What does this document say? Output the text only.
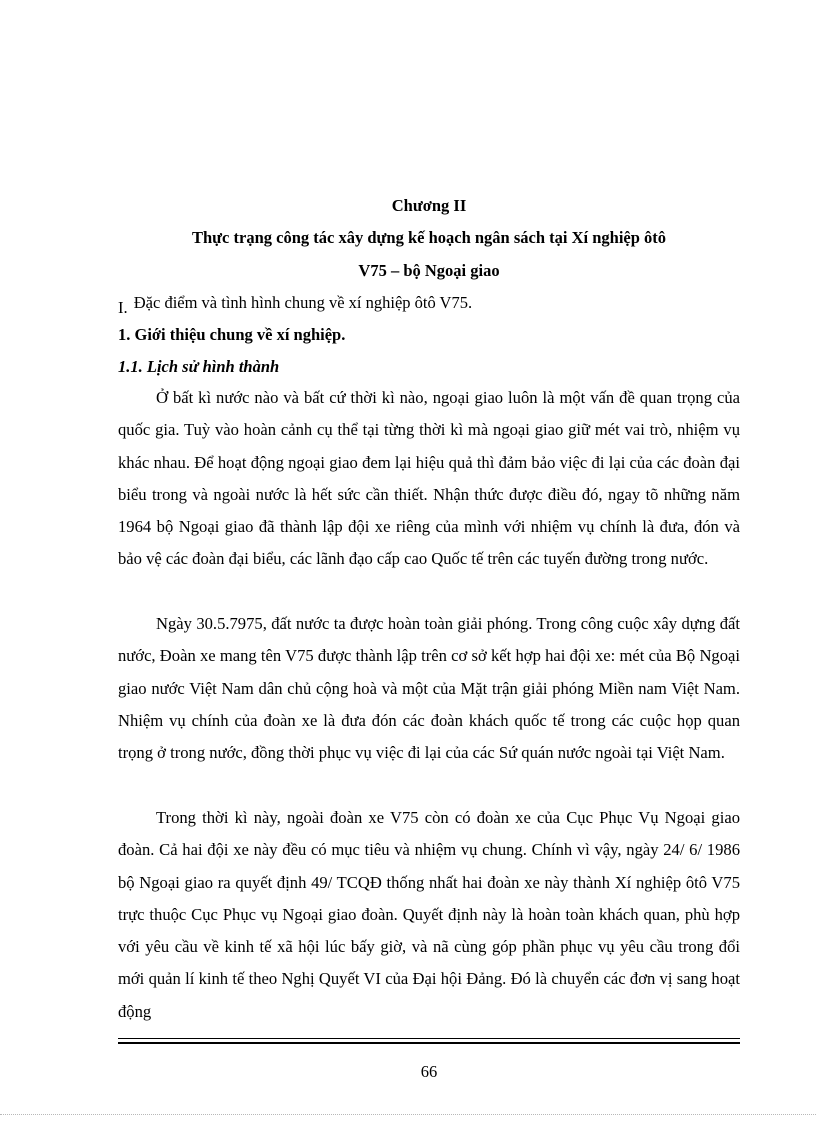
Chương II
Thực trạng công tác xây dựng kế hoạch ngân sách tại Xí nghiệp ôtô
V75 – bộ Ngoại giao
I. Đặc điểm và tình hình chung về xí nghiệp ôtô V75.
1. Giới thiệu chung về xí nghiệp.
1.1. Lịch sử hình thành

Ở bất kì nước nào và bất cứ thời kì nào, ngoại giao luôn là một vấn đề quan trọng của quốc gia. Tuỳ vào hoàn cảnh cụ thể tại từng thời kì mà ngoại giao giữ mét vai trò, nhiệm vụ khác nhau. Để hoạt động ngoại giao đem lại hiệu quả thì đảm bảo việc đi lại của các đoàn đại biểu trong và ngoài nước là hết sức cần thiết. Nhận thức được điều đó, ngay tõ những năm 1964 bộ Ngoại giao đã thành lập đội xe riêng của mình với nhiệm vụ chính là đưa, đón và bảo vệ các đoàn đại biểu, các lãnh đạo cấp cao Quốc tế trên các tuyến đường trong nước.

Ngày 30.5.7975, đất nước ta được hoàn toàn giải phóng. Trong công cuộc xây dựng đất nước, Đoàn xe mang tên V75 được thành lập trên cơ sở kết hợp hai đội xe: mét của Bộ Ngoại giao nước Việt Nam dân chủ cộng hoà và một của Mặt trận giải phóng Miền nam Việt Nam. Nhiệm vụ chính của đoàn xe là đưa đón các đoàn khách quốc tế trong các cuộc họp quan trọng ở trong nước, đồng thời phục vụ việc đi lại của các Sứ quán nước ngoài tại Việt Nam.

Trong thời kì này, ngoài đoàn xe V75 còn có đoàn xe của Cục Phục Vụ Ngoại giao đoàn. Cả hai đội xe này đều có mục tiêu và nhiệm vụ chung. Chính vì vậy, ngày 24/ 6/ 1986 bộ Ngoại giao ra quyết định 49/ TCQĐ thống nhất hai đoàn xe này thành Xí nghiệp ôtô V75 trực thuộc Cục Phục vụ Ngoại giao đoàn. Quyết định này là hoàn toàn khách quan, phù hợp với yêu cầu về kinh tế xã hội lúc bấy giờ, và nã cùng góp phần phục vụ yêu cầu trong đổi mới quản lí kinh tế theo Nghị Quyết VI của Đại hội Đảng. Đó là chuyển các đơn vị sang hoạt động

66
